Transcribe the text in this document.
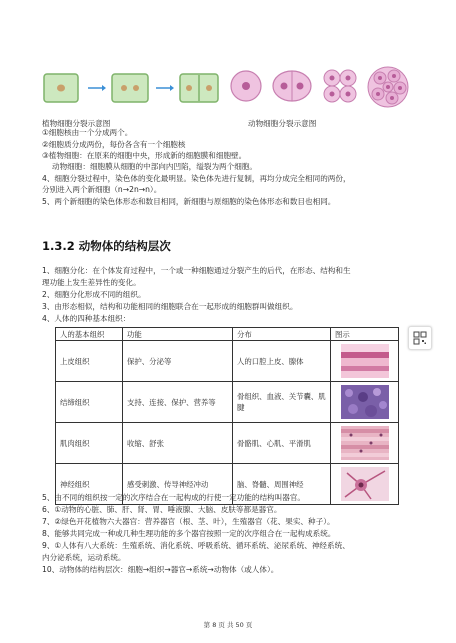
植物细胞分裂示意图	动物细胞分裂示意图
①细胞核由一个分成两个。
②细胞质分成两份，每份各含有一个细胞核
③植物细胞：在原来的细胞中央，形成新的细胞膜和细胞壁。
动物细胞：细胞膜从细胞的中部向内凹陷，缢裂为两个细胞。
4、细胞分裂过程中，染色体的变化最明显。染色体先进行复制，再均分成完全相同的两份，
分别进入两个新细胞（n→2n→n）。
5、两个新细胞的染色体形态和数目相同，新细胞与原细胞的染色体形态和数目也相同。
1.3.2 动物体的结构层次
1、细胞分化：在个体发育过程中，一个或一种细胞通过分裂产生的后代，在形态、结构和生
理功能上发生差异性的变化。
2、细胞分化形成不同的组织。
3、由形态相似，结构和功能相同的细胞联合在一起形成的细胞群叫做组织。
4、人体的四种基本组织：
人的基本组织	功能	分布	图示
上皮组织	保护、分泌等	人的口腔上皮、腺体	

结缔组织	支持、连接、保护、营养等	骨组织、血液、关节囊、肌腱	

肌肉组织	收缩、舒张	骨骼肌、心肌、平滑肌	

神经组织	感受刺激、传导神经冲动	脑、脊髓、周围神经	
5、由不同的组织按一定的次序结合在一起构成的行使一定功能的结构叫器官。
6、①动物的心脏、肺、肝、肾、胃、唾液腺、大脑、皮肤等都是器官。
7、②绿色开花植物六大器官：营养器官（根、茎、叶），生殖器官（花、果实、种子）。
8、能够共同完成一种或几种生理功能的多个器官按照一定的次序组合在一起构成系统。
9、①人体有八大系统：生殖系统、消化系统、呼吸系统、循环系统、泌尿系统、神经系统、
内分泌系统，运动系统。
10、动物体的结构层次：细胞→组织→器官→系统→动物体（或人体）。
第 8 页 共 50 页
